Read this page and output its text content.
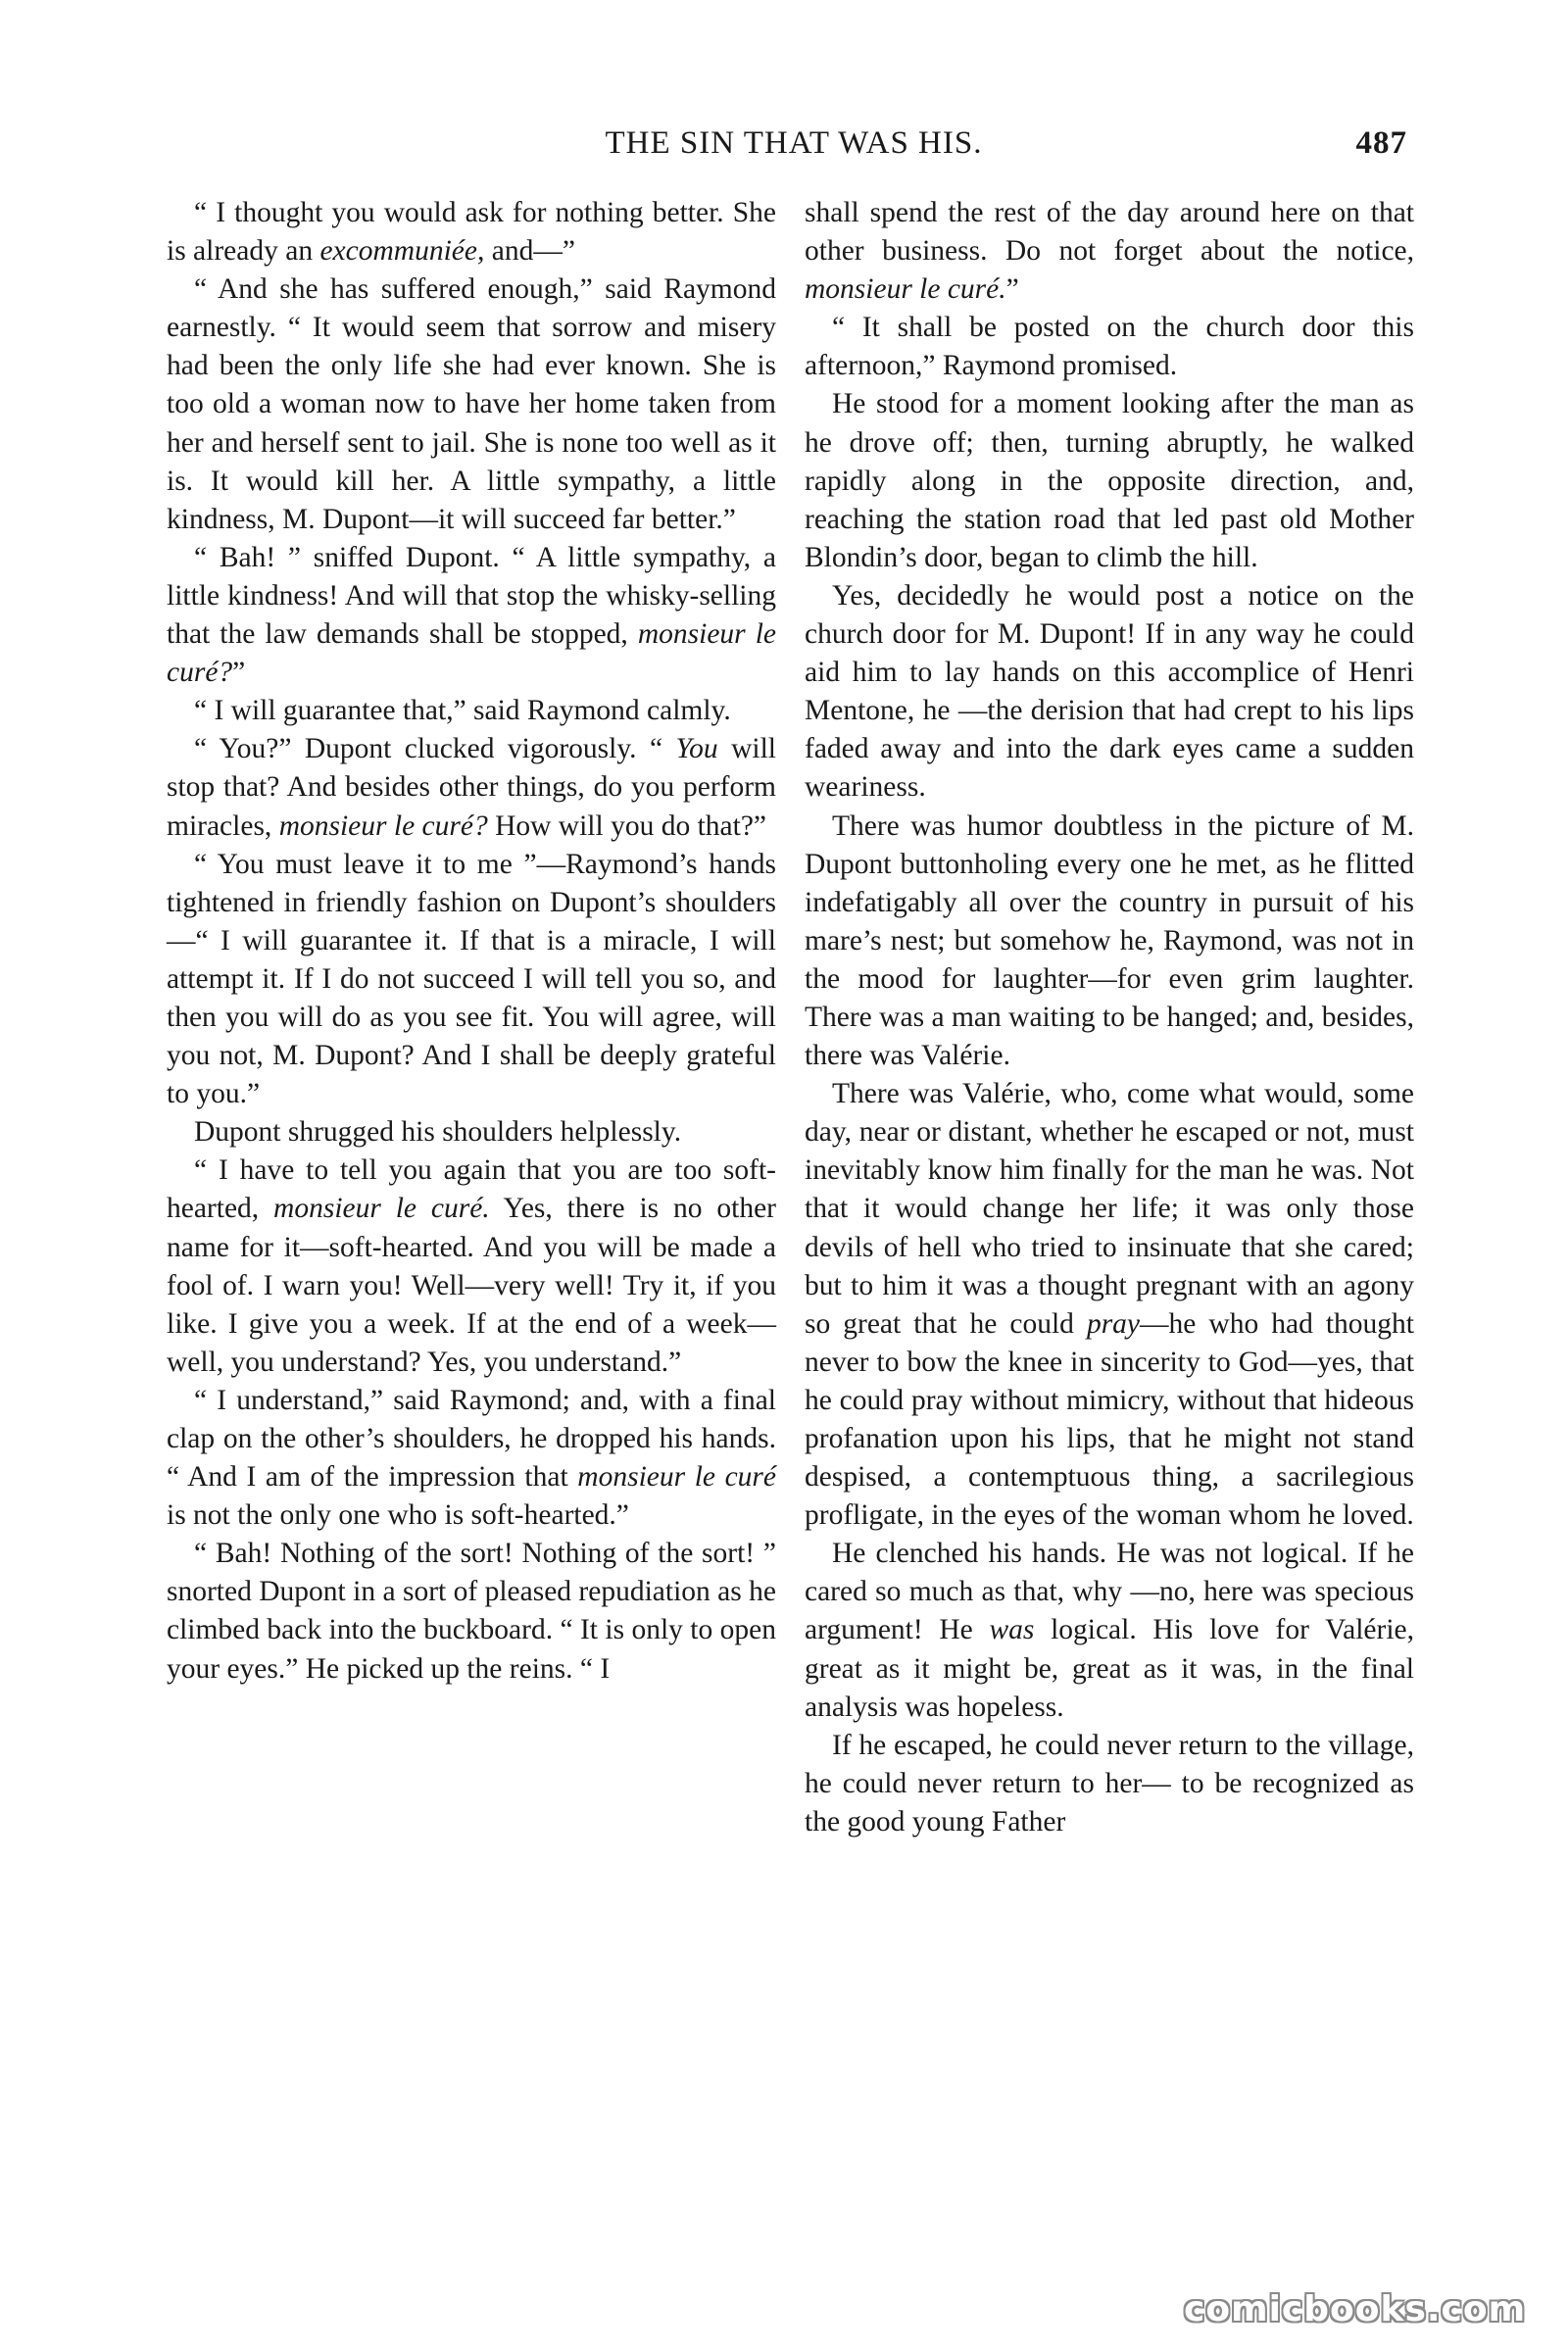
THE SIN THAT WAS HIS.	487

“ I thought you would ask for nothing better. She is already an excommuniée, and—”

“ And she has suffered enough,” said Raymond earnestly. “ It would seem that sorrow and misery had been the only life she had ever known. She is too old a woman now to have her home taken from her and herself sent to jail. She is none too well as it is. It would kill her. A little sympathy, a little kindness, M. Dupont—it will succeed far better.”

“ Bah! ” sniffed Dupont. “ A little sympathy, a little kindness! And will that stop the whisky-selling that the law demands shall be stopped, monsieur le curé?”

“ I will guarantee that,” said Raymond calmly.

“ You?” Dupont clucked vigorously. “ You will stop that? And besides other things, do you perform miracles, monsieur le curé? How will you do that?”

“ You must leave it to me ”—Raymond’s hands tightened in friendly fashion on Dupont’s shoulders—“ I will guarantee it. If that is a miracle, I will attempt it. If I do not succeed I will tell you so, and then you will do as you see fit. You will agree, will you not, M. Dupont? And I shall be deeply grateful to you.”

Dupont shrugged his shoulders helplessly.

“ I have to tell you again that you are too soft-hearted, monsieur le curé. Yes, there is no other name for it—soft-hearted. And you will be made a fool of. I warn you! Well—very well! Try it, if you like. I give you a week. If at the end of a week—well, you understand? Yes, you understand.”

“ I understand,” said Raymond; and, with a final clap on the other’s shoulders, he dropped his hands. “ And I am of the impression that monsieur le curé is not the only one who is soft-hearted.”

“ Bah! Nothing of the sort! Nothing of the sort! ” snorted Dupont in a sort of pleased repudiation as he climbed back into the buckboard. “ It is only to open your eyes.” He picked up the reins. “ I

shall spend the rest of the day around here on that other business. Do not forget about the notice, monsieur le curé.”

“ It shall be posted on the church door this afternoon,” Raymond promised.

He stood for a moment looking after the man as he drove off; then, turning abruptly, he walked rapidly along in the opposite direction, and, reaching the station road that led past old Mother Blondin’s door, began to climb the hill.

Yes, decidedly he would post a notice on the church door for M. Dupont! If in any way he could aid him to lay hands on this accomplice of Henri Mentone, he —the derision that had crept to his lips faded away and into the dark eyes came a sudden weariness.

There was humor doubtless in the picture of M. Dupont buttonholing every one he met, as he flitted indefatigably all over the country in pursuit of his mare’s nest; but somehow he, Raymond, was not in the mood for laughter—for even grim laughter. There was a man waiting to be hanged; and, besides, there was Valérie.

There was Valérie, who, come what would, some day, near or distant, whether he escaped or not, must inevitably know him finally for the man he was. Not that it would change her life; it was only those devils of hell who tried to insinuate that she cared; but to him it was a thought pregnant with an agony so great that he could pray—he who had thought never to bow the knee in sincerity to God—yes, that he could pray without mimicry, without that hideous profanation upon his lips, that he might not stand despised, a contemptuous thing, a sacrilegious profligate, in the eyes of the woman whom he loved.

He clenched his hands. He was not logical. If he cared so much as that, why —no, here was specious argument! He was logical. His love for Valérie, great as it might be, great as it was, in the final analysis was hopeless.

If he escaped, he could never return to the village, he could never return to her— to be recognized as the good young Father

comicbooks.com
